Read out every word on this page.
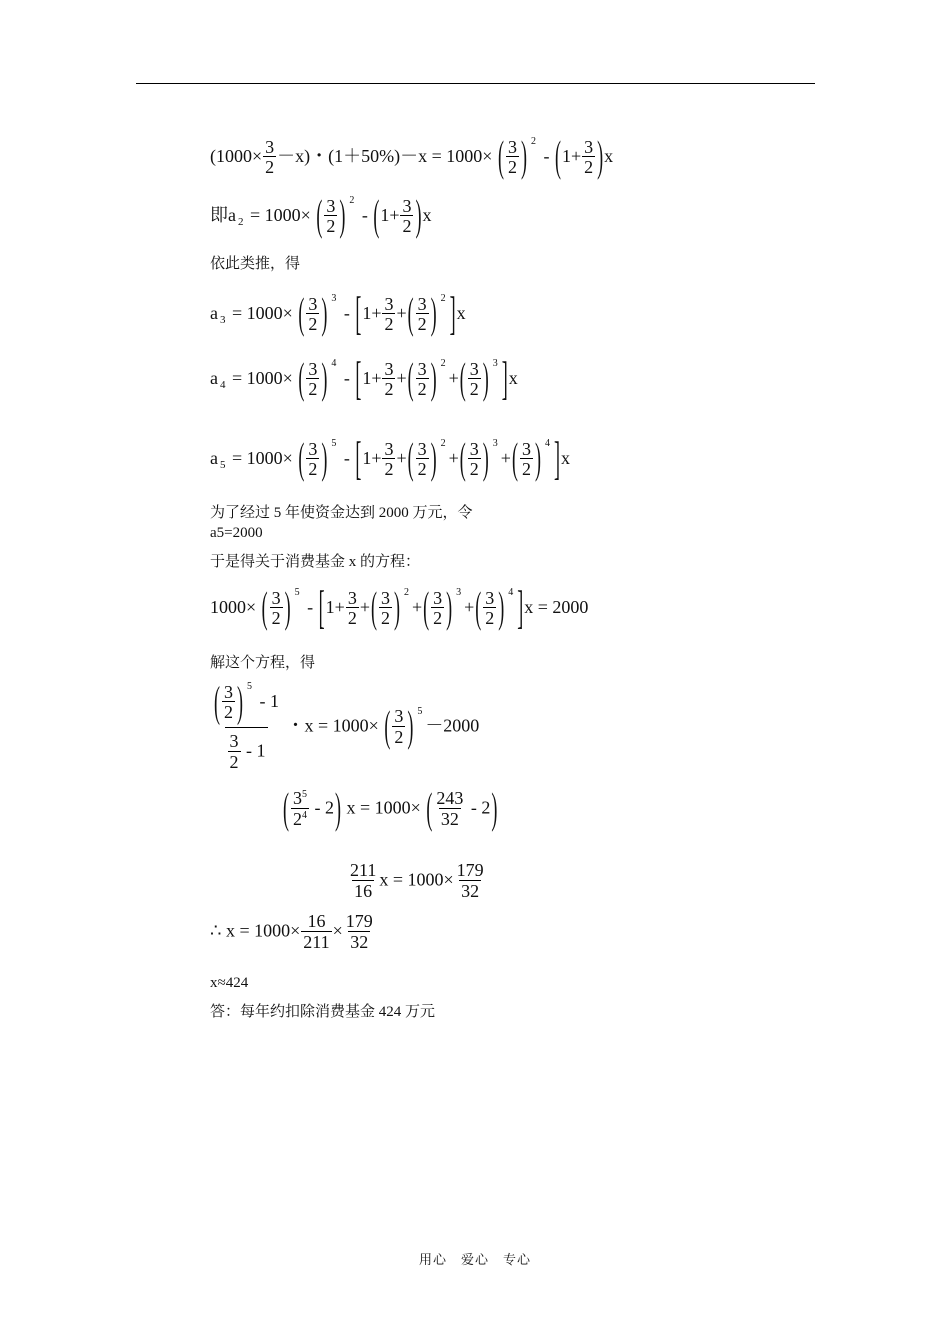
$(1000\times \frac{3}{2} -x)$・(1＋50%)－x = 1000× ( $\frac{3}{2}$ ) $^2 - (1+ \frac{3}{2} )x$
即a $_2$ = 1000× ( $\frac{3}{2}$ ) $^2 - (1+ \frac{3}{2} )x$
依此类推，得
a $_3$ = 1000× ( $\frac{3}{2}$ ) $^3 - [1+ \frac{3}{2}$ +( $\frac{3}{2}$ ) $^2$ ]x
a $_4$ = 1000× ( $\frac{3}{2}$ ) $^4 - [1+ \frac{3}{2}$ +( $\frac{3}{2}$ ) $^2+( \frac{3}{2}$ ) $^3$ ]x
a $_5$ = 1000× ( $\frac{3}{2}$ ) $^5 - [1+ \frac{3}{2}$ +( $\frac{3}{2}$ ) $^2+( \frac{3}{2}$ ) $^3+( \frac{3}{2}$ ) $^4$ ]x
为了经过 5 年使资金达到 2000 万元，令
a5=2000
于是得关于消费基金 x 的方程：
1000× ( $\frac{3}{2}$ ) $^5 - [1+ \frac{3}{2}$ +( $\frac{3}{2}$ ) $^2+( \frac{3}{2}$ ) $^3+( \frac{3}{2}$ ) $^4$ ]x = 2000
解这个方程，得
$\frac{( \frac{3}{2} ) ^5 - 1}{\frac{3}{2} - 1}$ ・x = 1000× ( $\frac{3}{2}$ ) $^5$－2000
( $\frac{3^5}{2^4} - 2$) x = 1000× ( $\frac{243}{32} - 2$)
$\frac{211}{16}$ $x = 1000\times \frac{179}{32}$
∴ $x = 1000\times \frac{16}{211} \times \frac{179}{32}$
x≈424
答：每年约扣除消费基金 424 万元
用心　爱心　专心
